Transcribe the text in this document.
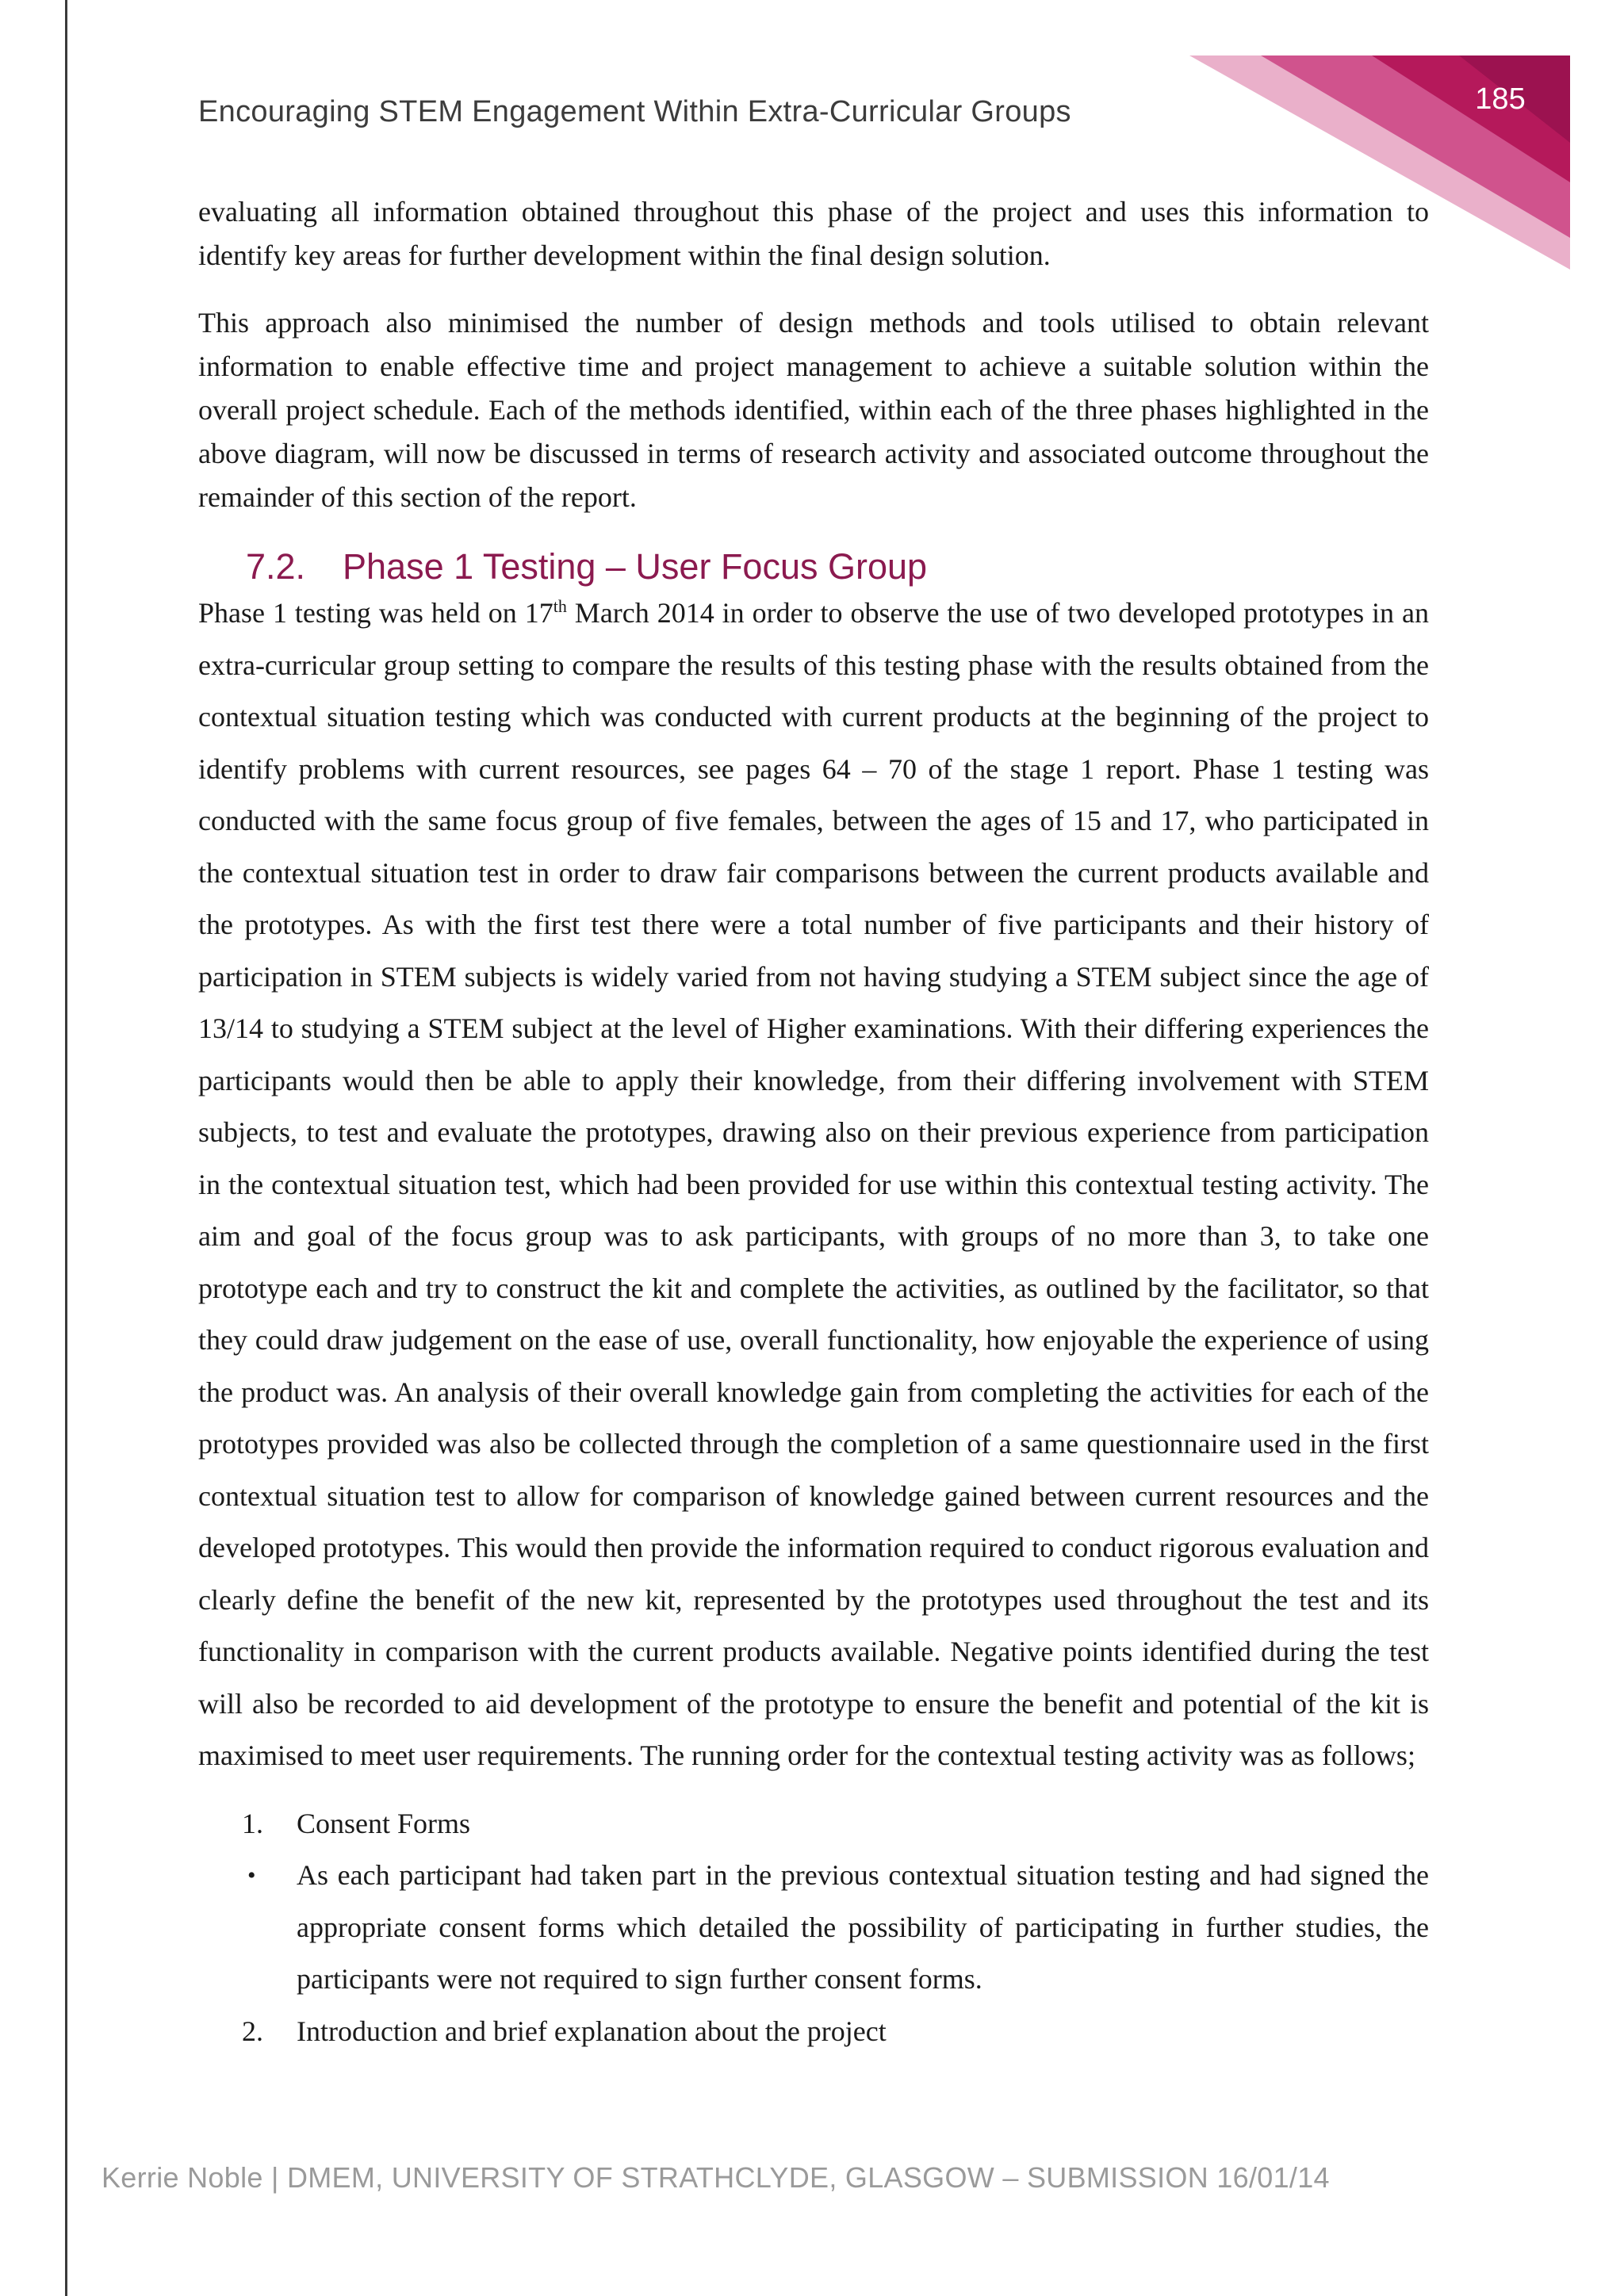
185
Encouraging STEM Engagement Within Extra-Curricular Groups

evaluating all information obtained throughout this phase of the project and uses this information to identify key areas for further development within the final design solution.

This approach also minimised the number of design methods and tools utilised to obtain relevant information to enable effective time and project management to achieve a suitable solution within the overall project schedule. Each of the methods identified, within each of the three phases highlighted in the above diagram, will now be discussed in terms of research activity and associated outcome throughout the remainder of this section of the report.

7.2. Phase 1 Testing – User Focus Group

Phase 1 testing was held on 17th March 2014 in order to observe the use of two developed prototypes in an extra-curricular group setting to compare the results of this testing phase with the results obtained from the contextual situation testing which was conducted with current products at the beginning of the project to identify problems with current resources, see pages 64 – 70 of the stage 1 report. Phase 1 testing was conducted with the same focus group of five females, between the ages of 15 and 17, who participated in the contextual situation test in order to draw fair comparisons between the current products available and the prototypes. As with the first test there were a total number of five participants and their history of participation in STEM subjects is widely varied from not having studying a STEM subject since the age of 13/14 to studying a STEM subject at the level of Higher examinations. With their differing experiences the participants would then be able to apply their knowledge, from their differing involvement with STEM subjects, to test and evaluate the prototypes, drawing also on their previous experience from participation in the contextual situation test, which had been provided for use within this contextual testing activity. The aim and goal of the focus group was to ask participants, with groups of no more than 3, to take one prototype each and try to construct the kit and complete the activities, as outlined by the facilitator, so that they could draw judgement on the ease of use, overall functionality, how enjoyable the experience of using the product was. An analysis of their overall knowledge gain from completing the activities for each of the prototypes provided was also be collected through the completion of a same questionnaire used in the first contextual situation test to allow for comparison of knowledge gained between current resources and the developed prototypes. This would then provide the information required to conduct rigorous evaluation and clearly define the benefit of the new kit, represented by the prototypes used throughout the test and its functionality in comparison with the current products available. Negative points identified during the test will also be recorded to aid development of the prototype to ensure the benefit and potential of the kit is maximised to meet user requirements. The running order for the contextual testing activity was as follows;

1.	Consent Forms
• As each participant had taken part in the previous contextual situation testing and had signed the appropriate consent forms which detailed the possibility of participating in further studies, the participants were not required to sign further consent forms.
2.	Introduction and brief explanation about the project
Kerrie Noble | DMEM, UNIVERSITY OF STRATHCLYDE, GLASGOW – SUBMISSION 16/01/14
